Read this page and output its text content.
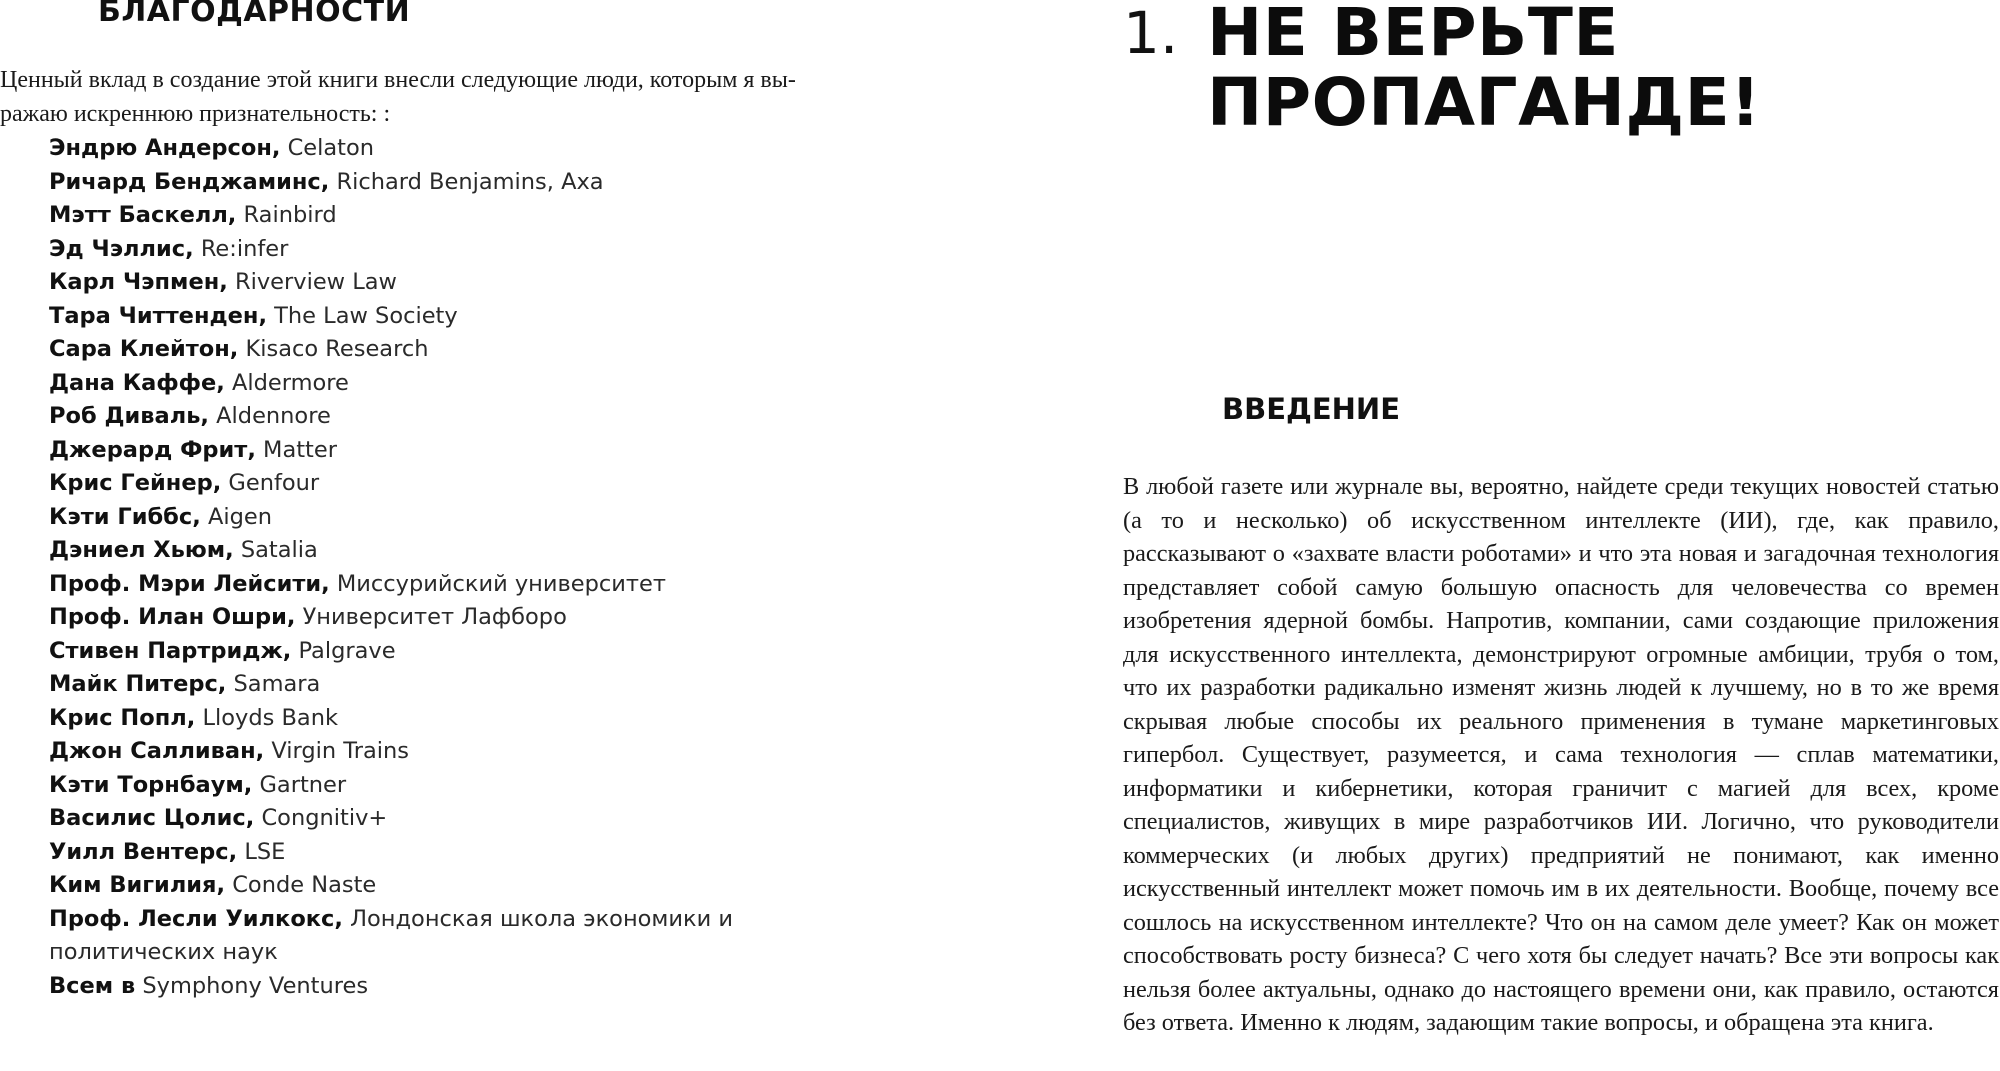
БЛАГОДАРНОСТИ

Ценный вклад в создание этой книги внесли следующие люди, которым я вы-
ражаю искреннюю признательность: :

Эндрю Андерсон, Celaton
Ричард Бенджаминс, Richard Benjamins, Axa
Мэтт Баскелл, Rainbird
Эд Чэллис, Re:infer
Карл Чэпмен, Riverview Law
Тара Читтенден, The Law Society
Сара Клейтон, Kisaco Research
Дана Каффе, Aldermore
Роб Диваль, Aldennore
Джерард Фрит, Matter
Крис Гейнер, Genfour
Кэти Гиббс, Aigen
Дэниел Хьюм, Satalia
Проф. Мэри Лейсити, Миссурийский университет
Проф. Илан Ошри, Университет Лафборо
Стивен Партридж, Palgrave
Майк Питерс, Samara
Крис Попл, Lloyds Bank
Джон Салливан, Virgin Trains
Кэти Торнбаум, Gartner
Василис Цолис, Congnitiv+
Уилл Вентерс, LSE
Ким Вигилия, Conde Naste
Проф. Лесли Уилкокс, Лондонская школа экономики и политических наук
Всем в Symphony Ventures
1. НЕ ВЕРЬТЕ
ПРОПАГАНДЕ!
ВВЕДЕНИЕ

В любой газете или журнале вы, вероятно, найдете среди текущих новостей статью (а то и несколько) об искусственном интеллекте (ИИ), где, как правило, рассказывают о «захвате власти роботами» и что эта новая и загадочная технология представляет собой самую большую опасность для человечества со времен изобретения ядерной бомбы. Напротив, компании, сами создающие приложения для искусственного интеллекта, демонстрируют огромные амбиции, трубя о том, что их разработки радикально изменят жизнь людей к лучшему, но в то же время скрывая любые способы их реального применения в тумане маркетинговых гипербол. Существует, разумеется, и сама технология — сплав математики, информатики и кибернетики, которая граничит с магией для всех, кроме специалистов, живущих в мире разработчиков ИИ. Логично, что руководители коммерческих (и любых других) предприятий не понимают, как именно искусственный интеллект может помочь им в их деятельности. Вообще, почему все сошлось на искусственном интеллекте? Что он на самом деле умеет? Как он может способствовать росту бизнеса? С чего хотя бы следует начать? Все эти вопросы как нельзя более актуальны, однако до настоящего времени они, как правило, остаются без ответа. Именно к людям, задающим такие вопросы, и обращена эта книга.
